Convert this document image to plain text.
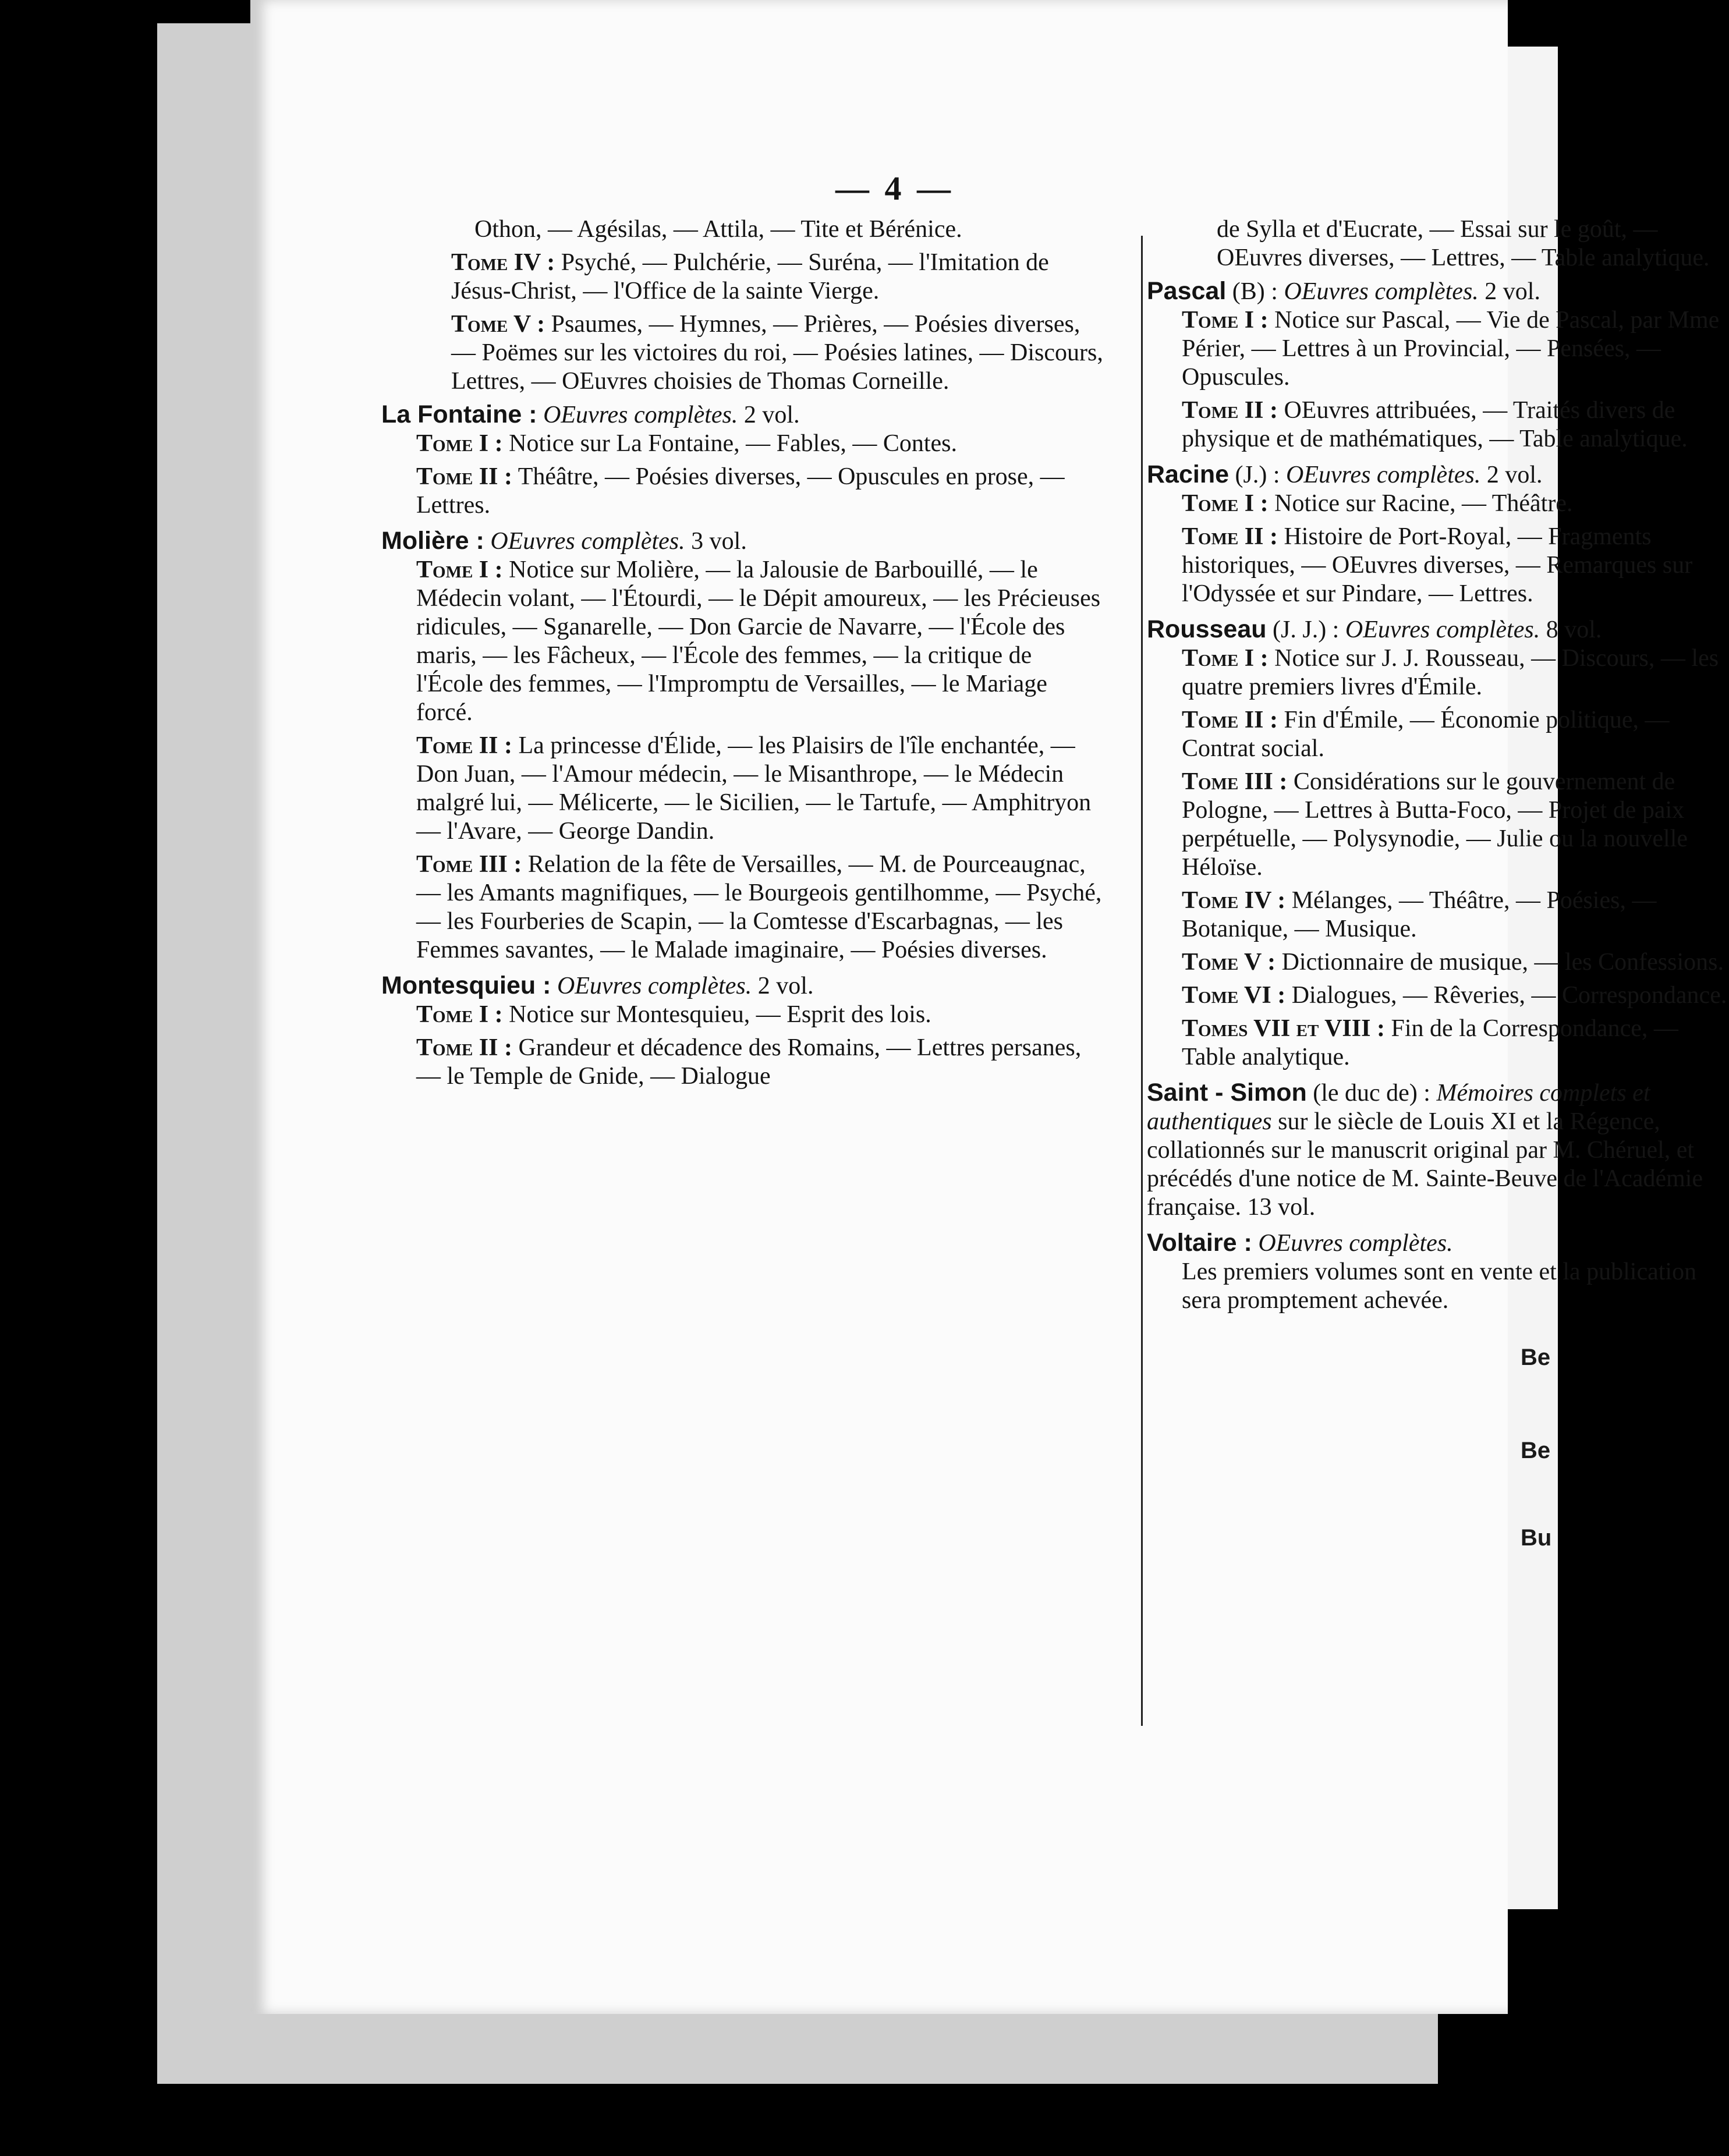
Be
Be
Bu
— 4 —
Othon, — Agésilas, — Attila, — Tite et Bérénice.
Tome IV : Psyché, — Pulchérie, — Suréna, — l'Imitation de Jésus-Christ, — l'Office de la sainte Vierge.
Tome V : Psaumes, — Hymnes, — Prières, — Poésies diverses, — Poëmes sur les victoires du roi, — Poésies latines, — Discours, Lettres, — OEuvres choisies de Thomas Corneille.
La Fontaine : OEuvres complètes. 2 vol.
Tome I : Notice sur La Fontaine, — Fables, — Contes.
Tome II : Théâtre, — Poésies diverses, — Opuscules en prose, — Lettres.
Molière : OEuvres complètes. 3 vol.
Tome I : Notice sur Molière, — la Jalousie de Barbouillé, — le Médecin volant, — l'Étourdi, — le Dépit amoureux, — les Précieuses ridicules, — Sganarelle, — Don Garcie de Navarre, — l'École des maris, — les Fâcheux, — l'École des femmes, — la critique de l'École des femmes, — l'Impromptu de Versailles, — le Mariage forcé.
Tome II : La princesse d'Élide, — les Plaisirs de l'île enchantée, — Don Juan, — l'Amour médecin, — le Misanthrope, — le Médecin malgré lui, — Mélicerte, — le Sicilien, — le Tartufe, — Amphitryon — l'Avare, — George Dandin.
Tome III : Relation de la fête de Versailles, — M. de Pourceaugnac, — les Amants magnifiques, — le Bourgeois gentilhomme, — Psyché, — les Fourberies de Scapin, — la Comtesse d'Escarbagnas, — les Femmes savantes, — le Malade imaginaire, — Poésies diverses.
Montesquieu : OEuvres complètes. 2 vol.
Tome I : Notice sur Montesquieu, — Esprit des lois.
Tome II : Grandeur et décadence des Romains, — Lettres persanes, — le Temple de Gnide, — Dialogue
de Sylla et d'Eucrate, — Essai sur le goût, — OEuvres diverses, — Lettres, — Table analytique.
Pascal (B) : OEuvres complètes. 2 vol.
Tome I : Notice sur Pascal, — Vie de Pascal, par Mme Périer, — Lettres à un Provincial, — Pensées, — Opuscules.
Tome II : OEuvres attribuées, — Traités divers de physique et de mathématiques, — Table analytique.
Racine (J.) : OEuvres complètes. 2 vol.
Tome I : Notice sur Racine, — Théâtre.
Tome II : Histoire de Port-Royal, — Fragments historiques, — OEuvres diverses, — Remarques sur l'Odyssée et sur Pindare, — Lettres.
Rousseau (J. J.) : OEuvres complètes. 8 vol.
Tome I : Notice sur J. J. Rousseau, — Discours, — les quatre premiers livres d'Émile.
Tome II : Fin d'Émile, — Économie politique, — Contrat social.
Tome III : Considérations sur le gouvernement de Pologne, — Lettres à Butta-Foco, — Projet de paix perpétuelle, — Polysynodie, — Julie ou la nouvelle Héloïse.
Tome IV : Mélanges, — Théâtre, — Poésies, — Botanique, — Musique.
Tome V : Dictionnaire de musique, — les Confessions.
Tome VI : Dialogues, — Rêveries, — Correspondance.
Tomes VII et VIII : Fin de la Correspondance, — Table analytique.
Saint - Simon (le duc de) : Mémoires complets et authentiques sur le siècle de Louis XI et la Régence, collationnés sur le manuscrit original par M. Chéruel, et précédés d'une notice de M. Sainte-Beuve de l'Académie française. 13 vol.
Voltaire : OEuvres complètes.
Les premiers volumes sont en vente et la publication sera promptement achevée.
